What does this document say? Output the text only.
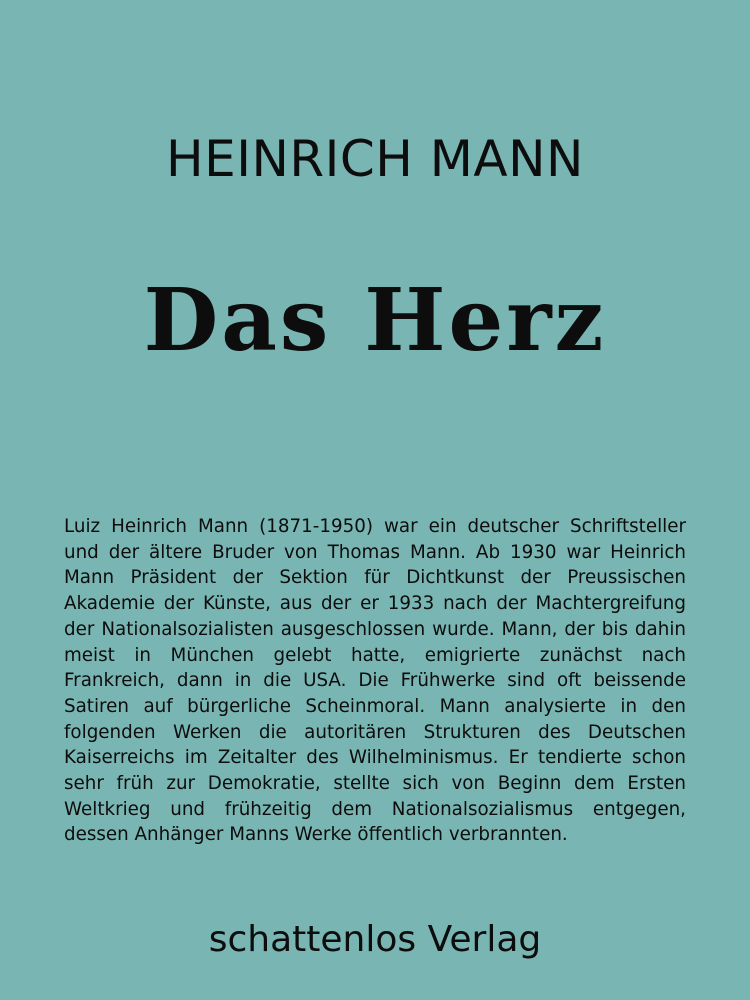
HEINRICH MANN
Das Herz

Luiz Heinrich Mann (1871-1950) war ein deutscher Schriftsteller und der ältere Bruder von Thomas Mann. Ab 1930 war Heinrich Mann Präsident der Sektion für Dichtkunst der Preussischen Akademie der Künste, aus der er 1933 nach der Machtergreifung der Nationalsozialisten ausgeschlossen wurde. Mann, der bis dahin meist in München gelebt hatte, emigrierte zunächst nach Frankreich, dann in die USA. Die Frühwerke sind oft beissende Satiren auf bürgerliche Scheinmoral. Mann analysierte in den folgenden Werken die autoritären Strukturen des Deutschen Kaiserreichs im Zeitalter des Wilhelminismus. Er tendierte schon sehr früh zur Demokratie, stellte sich von Beginn dem Ersten Weltkrieg und frühzeitig dem Nationalsozialismus entgegen, dessen Anhänger Manns Werke öffentlich verbrannten.

schattenlos Verlag
